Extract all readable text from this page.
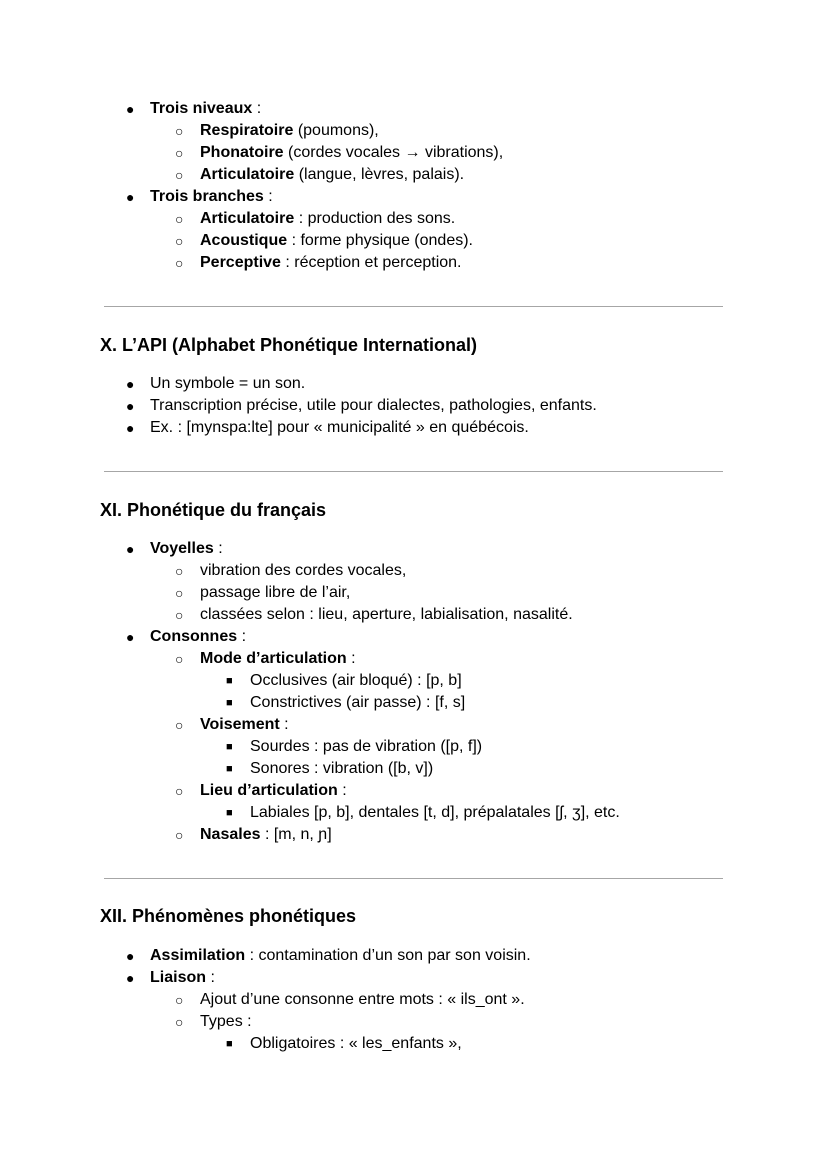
● Trois niveaux :
○ Respiratoire (poumons),
○ Phonatoire (cordes vocales → vibrations),
○ Articulatoire (langue, lèvres, palais).
● Trois branches :
○ Articulatoire : production des sons.
○ Acoustique : forme physique (ondes).
○ Perceptive : réception et perception.
X. L’API (Alphabet Phonétique International)
● Un symbole = un son.
● Transcription précise, utile pour dialectes, pathologies, enfants.
● Ex. : [mynspa:lte] pour « municipalité » en québécois.
XI. Phonétique du français
● Voyelles :
○ vibration des cordes vocales,
○ passage libre de l’air,
○ classées selon : lieu, aperture, labialisation, nasalité.
● Consonnes :
○ Mode d’articulation :
■ Occlusives (air bloqué) : [p, b]
■ Constrictives (air passe) : [f, s]
○ Voisement :
■ Sourdes : pas de vibration ([p, f])
■ Sonores : vibration ([b, v])
○ Lieu d’articulation :
■ Labiales [p, b], dentales [t, d], prépalatales [ʃ, ʒ], etc.
○ Nasales : [m, n, ɲ]
XII. Phénomènes phonétiques
● Assimilation : contamination d’un son par son voisin.
● Liaison :
○ Ajout d’une consonne entre mots : « ils_ont ».
○ Types :
■ Obligatoires : « les_enfants »,
